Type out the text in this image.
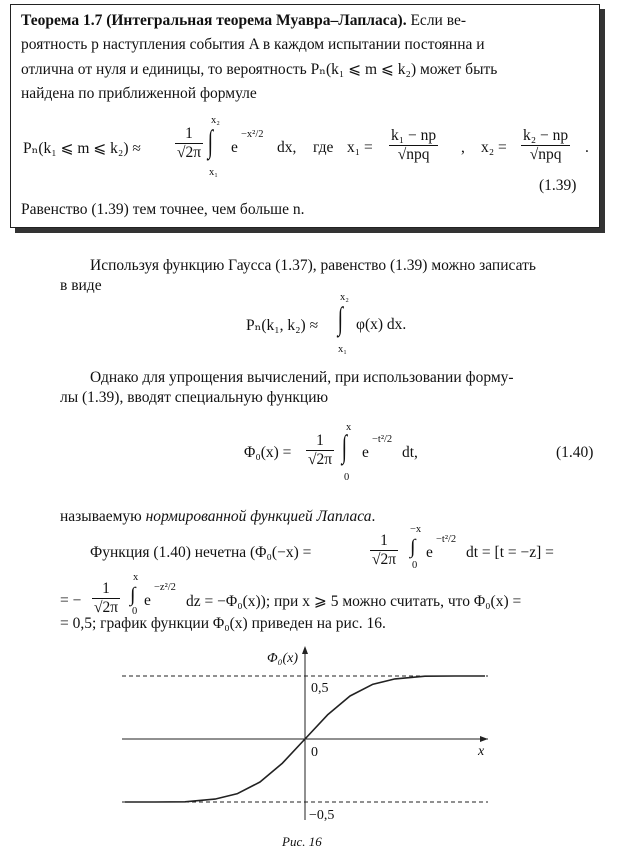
Теорема 1.7 (Интегральная теорема Муавра–Лапласа). Если ве-
роятность p наступления события A в каждом испытании постоянна и
отлична от нуля и единицы, то вероятность Pₙ(k₁ ⩽ m ⩽ k₂) может быть
найдена по приближенной формуле
Pₙ(k₁ ⩽ m ⩽ $k_2) \approx \frac{1}{√2\pi}$
x₂
∫
x₁
e
−x²/2
dx, где $x_1 = \frac{\text{k₁ − np}}{\text{√npq}}$ , $x_2 = \frac{\text{k₂ − np}}{\text{√npq}}$ .
(1.39)
Равенство (1.39) тем точнее, чем больше n.
Используя функцию Гаусса (1.37), равенство (1.39) можно записать
в виде
Pₙ(k₁, k₂) ≈
x₂
∫
x₁
φ(x) dx.
Однако для упрощения вычислений, при использовании форму-
лы (1.39), вводят специальную функцию
$\Phi_0(x) = \frac{1}{√2\pi}$
x
∫
0
e
−t²/2
dt,	(1.40)
называемую нормированной функцией Лапласа.
Функция (1.40) нечетна (Φ₀(−x) =	$\frac{1}{√2\pi}$
−x
∫
0
e
−t²/2
dt = [t = −z] =
= − $\frac{1}{√2\pi}$
x
∫
0
e
−z²/2
dz = −Φ₀(x)); при x ⩾ 5 можно считать, что Φ₀(x) =
= 0,5; график функции Φ₀(x) приведен на рис. 16.
Φ₀(x)
0,5
0	x
−0,5
Рис. 16
